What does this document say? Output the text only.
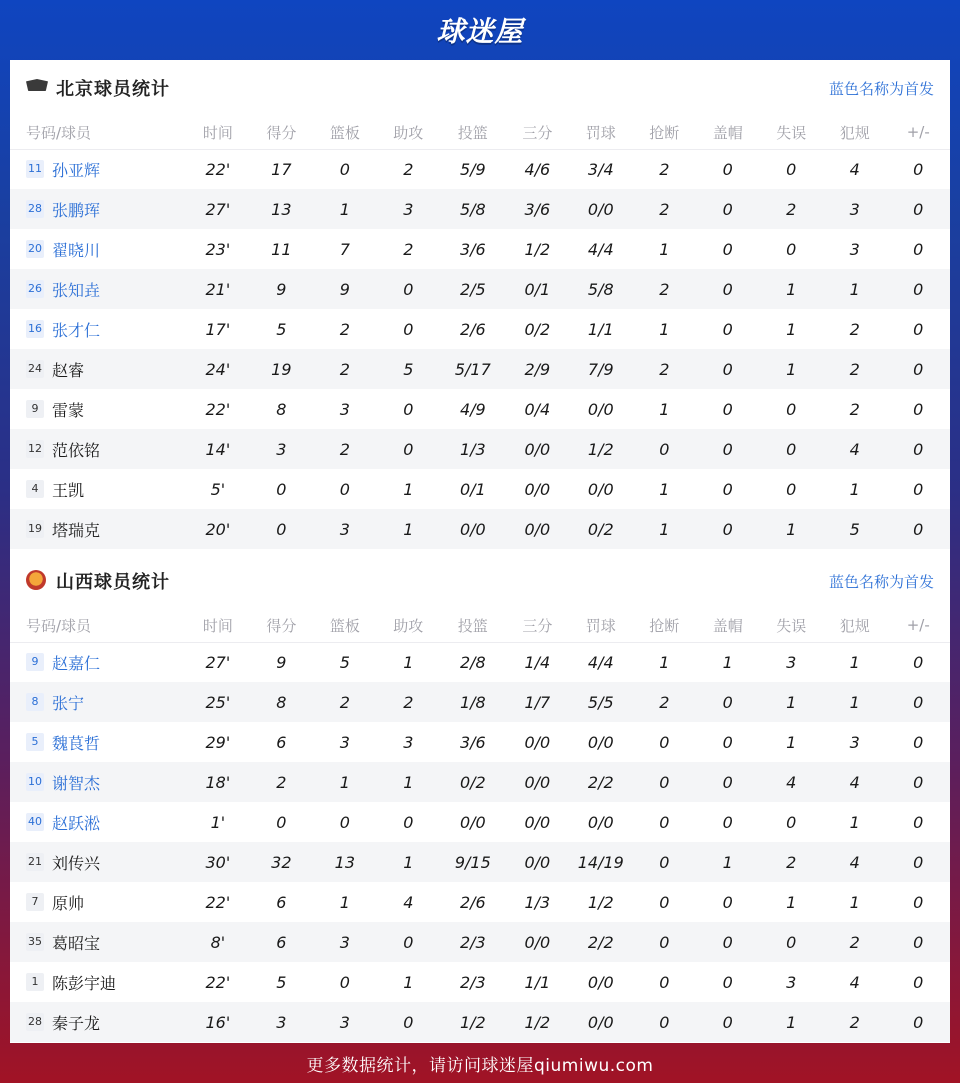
球迷屋
北京球员统计	蓝色名称为首发
号码/球员	时间	得分	篮板	助攻	投篮	三分	罚球	抢断	盖帽	失误	犯规	+/-
11 孙亚辉	22'	17	0	2	5/9	4/6	3/4	2	0	0	4	0
28 张鹏珲	27'	13	1	3	5/8	3/6	0/0	2	0	2	3	0
20 翟晓川	23'	11	7	2	3/6	1/2	4/4	1	0	0	3	0
26 张知垚	21'	9	9	0	2/5	0/1	5/8	2	0	1	1	0
16 张才仁	17'	5	2	0	2/6	0/2	1/1	1	0	1	2	0
24 赵睿	24'	19	2	5	5/17	2/9	7/9	2	0	1	2	0
9 雷蒙	22'	8	3	0	4/9	0/4	0/0	1	0	0	2	0
12 范依铭	14'	3	2	0	1/3	0/0	1/2	0	0	0	4	0
4 王凯	5'	0	0	1	0/1	0/0	0/0	1	0	0	1	0
19 塔瑞克	20'	0	3	1	0/0	0/0	0/2	1	0	1	5	0
山西球员统计	蓝色名称为首发
号码/球员	时间	得分	篮板	助攻	投篮	三分	罚球	抢断	盖帽	失误	犯规	+/-
9 赵嘉仁	27'	9	5	1	2/8	1/4	4/4	1	1	3	1	0
8 张宁	25'	8	2	2	1/8	1/7	5/5	2	0	1	1	0
5 魏茛哲	29'	6	3	3	3/6	0/0	0/0	0	0	1	3	0
10 谢智杰	18'	2	1	1	0/2	0/0	2/2	0	0	4	4	0
40 赵跃淞	1'	0	0	0	0/0	0/0	0/0	0	0	0	1	0
21 刘传兴	30'	32	13	1	9/15	0/0	14/19	0	1	2	4	0
7 原帅	22'	6	1	4	2/6	1/3	1/2	0	0	1	1	0
35 葛昭宝	8'	6	3	0	2/3	0/0	2/2	0	0	0	2	0
1 陈彭宇迪	22'	5	0	1	2/3	1/1	0/0	0	0	3	4	0
28 秦子龙	16'	3	3	0	1/2	1/2	0/0	0	0	1	2	0
更多数据统计，请访问球迷屋qiumiwu.com
